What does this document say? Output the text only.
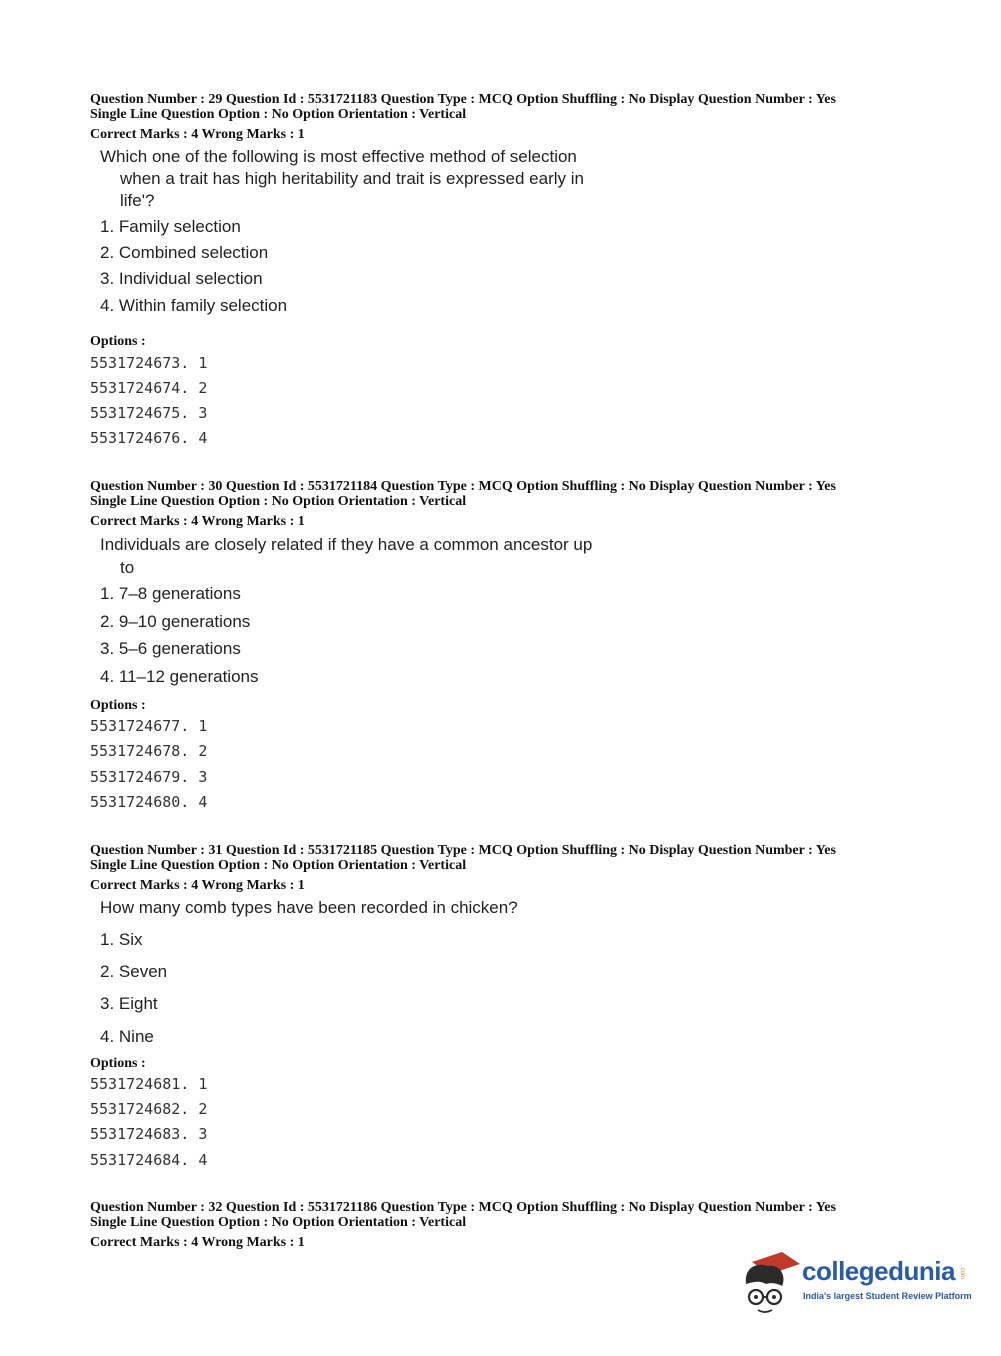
Question Number : 29 Question Id : 5531721183 Question Type : MCQ Option Shuffling : No Display Question Number : Yes
Single Line Question Option : No Option Orientation : Vertical
Correct Marks : 4 Wrong Marks : 1
Which one of the following is most effective method of selection
when a trait has high heritability and trait is expressed early in
life'?
1. Family selection
2. Combined selection
3. Individual selection
4. Within family selection
Options :
5531724673. 1
5531724674. 2
5531724675. 3
5531724676. 4
Question Number : 30 Question Id : 5531721184 Question Type : MCQ Option Shuffling : No Display Question Number : Yes
Single Line Question Option : No Option Orientation : Vertical
Correct Marks : 4 Wrong Marks : 1
Individuals are closely related if they have a common ancestor up
to
1. 7–8 generations
2. 9–10 generations
3. 5–6 generations
4. 11–12 generations
Options :
5531724677. 1
5531724678. 2
5531724679. 3
5531724680. 4
Question Number : 31 Question Id : 5531721185 Question Type : MCQ Option Shuffling : No Display Question Number : Yes
Single Line Question Option : No Option Orientation : Vertical
Correct Marks : 4 Wrong Marks : 1
How many comb types have been recorded in chicken?
1. Six
2. Seven
3. Eight
4. Nine
Options :
5531724681. 1
5531724682. 2
5531724683. 3
5531724684. 4
Question Number : 32 Question Id : 5531721186 Question Type : MCQ Option Shuffling : No Display Question Number : Yes
Single Line Question Option : No Option Orientation : Vertical
Correct Marks : 4 Wrong Marks : 1
collegedunia .com
India's largest Student Review Platform
